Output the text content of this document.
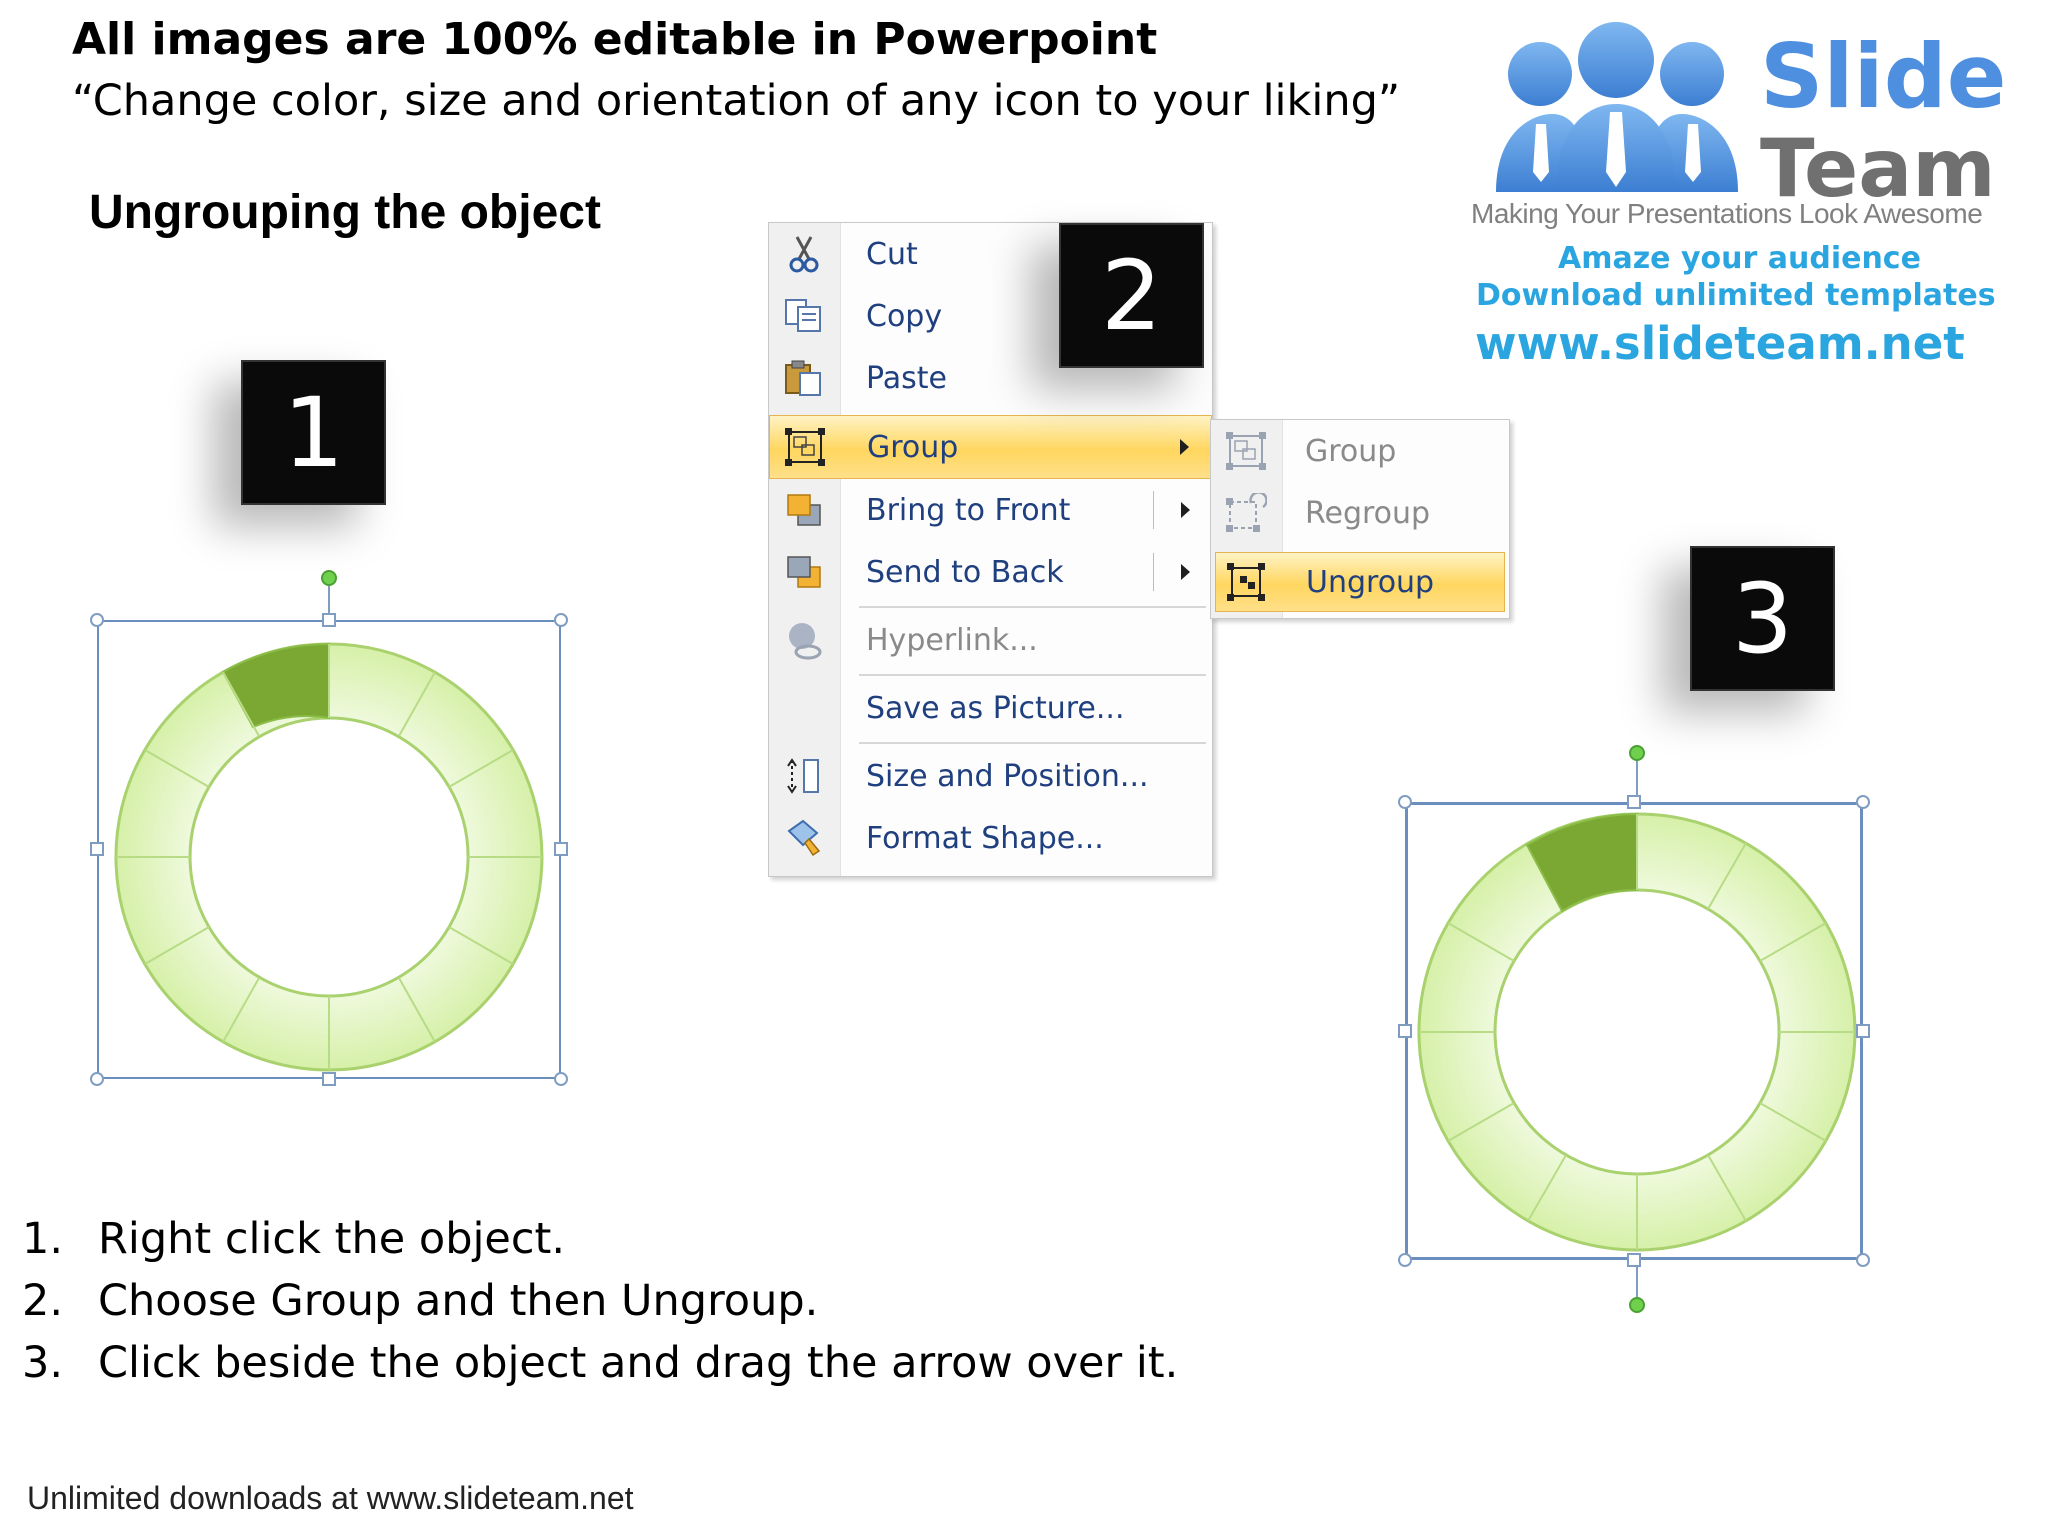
All images are 100% editable in Powerpoint
“Change color, size and orientation of any icon to your liking”
Ungrouping the object
1
2
3
Cut
Copy
Paste
Group
Bring to Front
Send to Back
Hyperlink...
Save as Picture...
Size and Position...
Format Shape...
Group
Regroup
Ungroup
Slide
Team
Making Your Presentations Look Awesome
Amaze your audience
Download unlimited templates
www.slideteam.net
1. Right click the object.
2. Choose Group and then Ungroup.
3. Click beside the object and drag the arrow over it.
Unlimited downloads at www.slideteam.net
